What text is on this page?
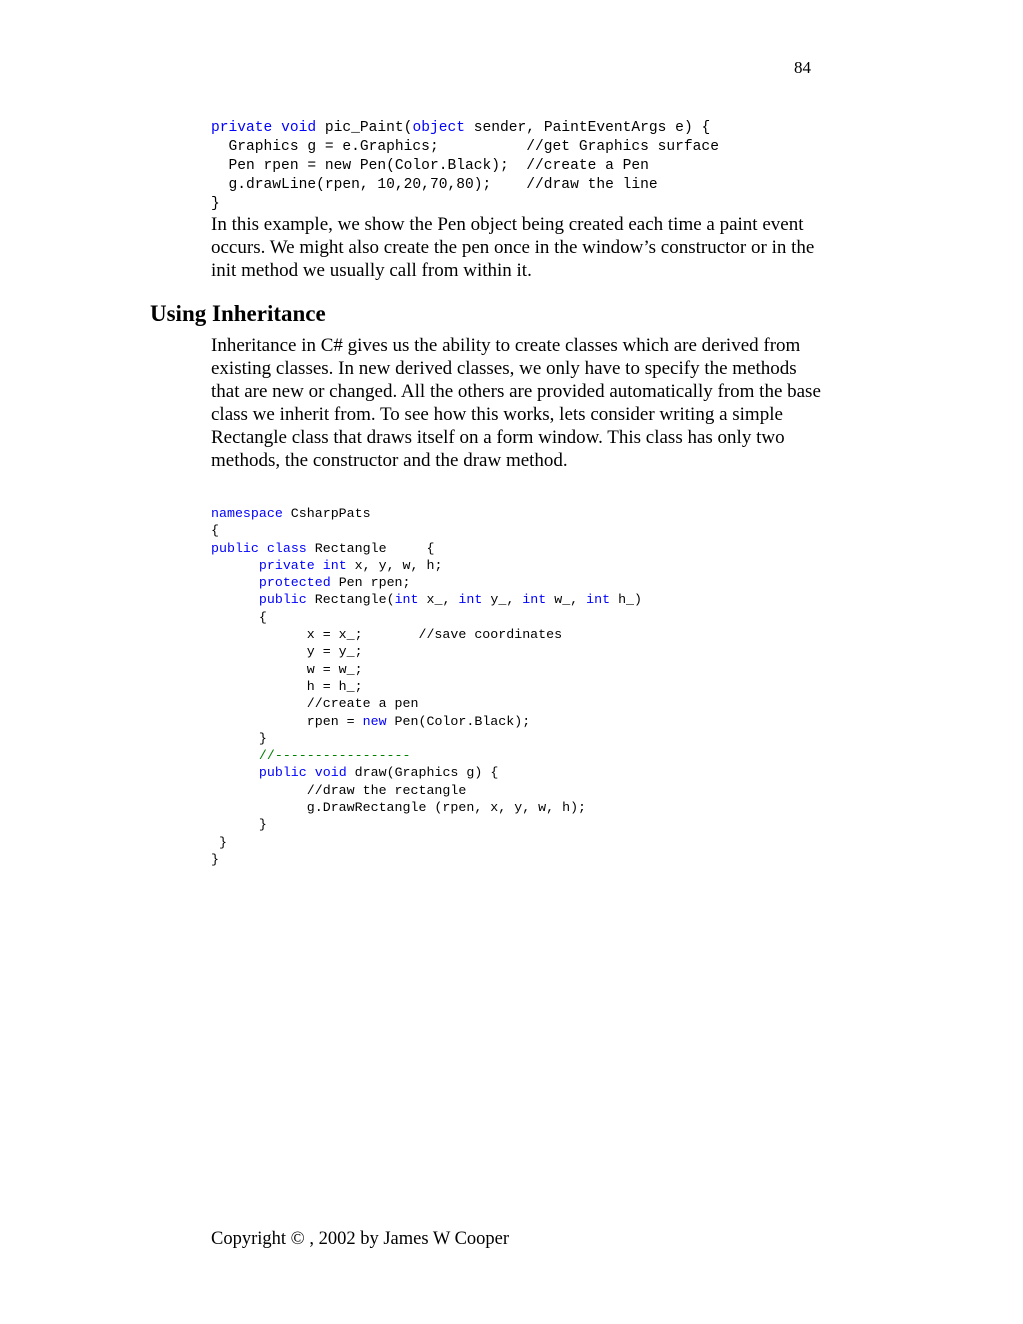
84
private void pic_Paint(object sender, PaintEventArgs e) {
Graphics g = e.Graphics;          //get Graphics surface
Pen rpen = new Pen(Color.Black);  //create a Pen
g.drawLine(rpen, 10,20,70,80);    //draw the line
}

In this example, we show the Pen object being created each time a paint event occurs. We might also create the pen once in the window’s constructor or in the init method we usually call from within it.

Using Inheritance

Inheritance in C# gives us the ability to create classes which are derived from existing classes. In new derived classes, we only have to specify the methods that are new or changed. All the others are provided automatically from the base class we inherit from. To see how this works, lets consider writing a simple Rectangle class that draws itself on a form window. This class has only two methods, the constructor and the draw method.

namespace CsharpPats
{
public class Rectangle     {
private int x, y, w, h;
protected Pen rpen;
public Rectangle(int x_, int y_, int w_, int h_)
{
x = x_;       //save coordinates
y = y_;
w = w_;
h = h_;
//create a pen
rpen = new Pen(Color.Black);
}
//-----------------
public void draw(Graphics g) {
//draw the rectangle
g.DrawRectangle (rpen, x, y, w, h);
}
}
}
Copyright © , 2002 by James W Cooper
